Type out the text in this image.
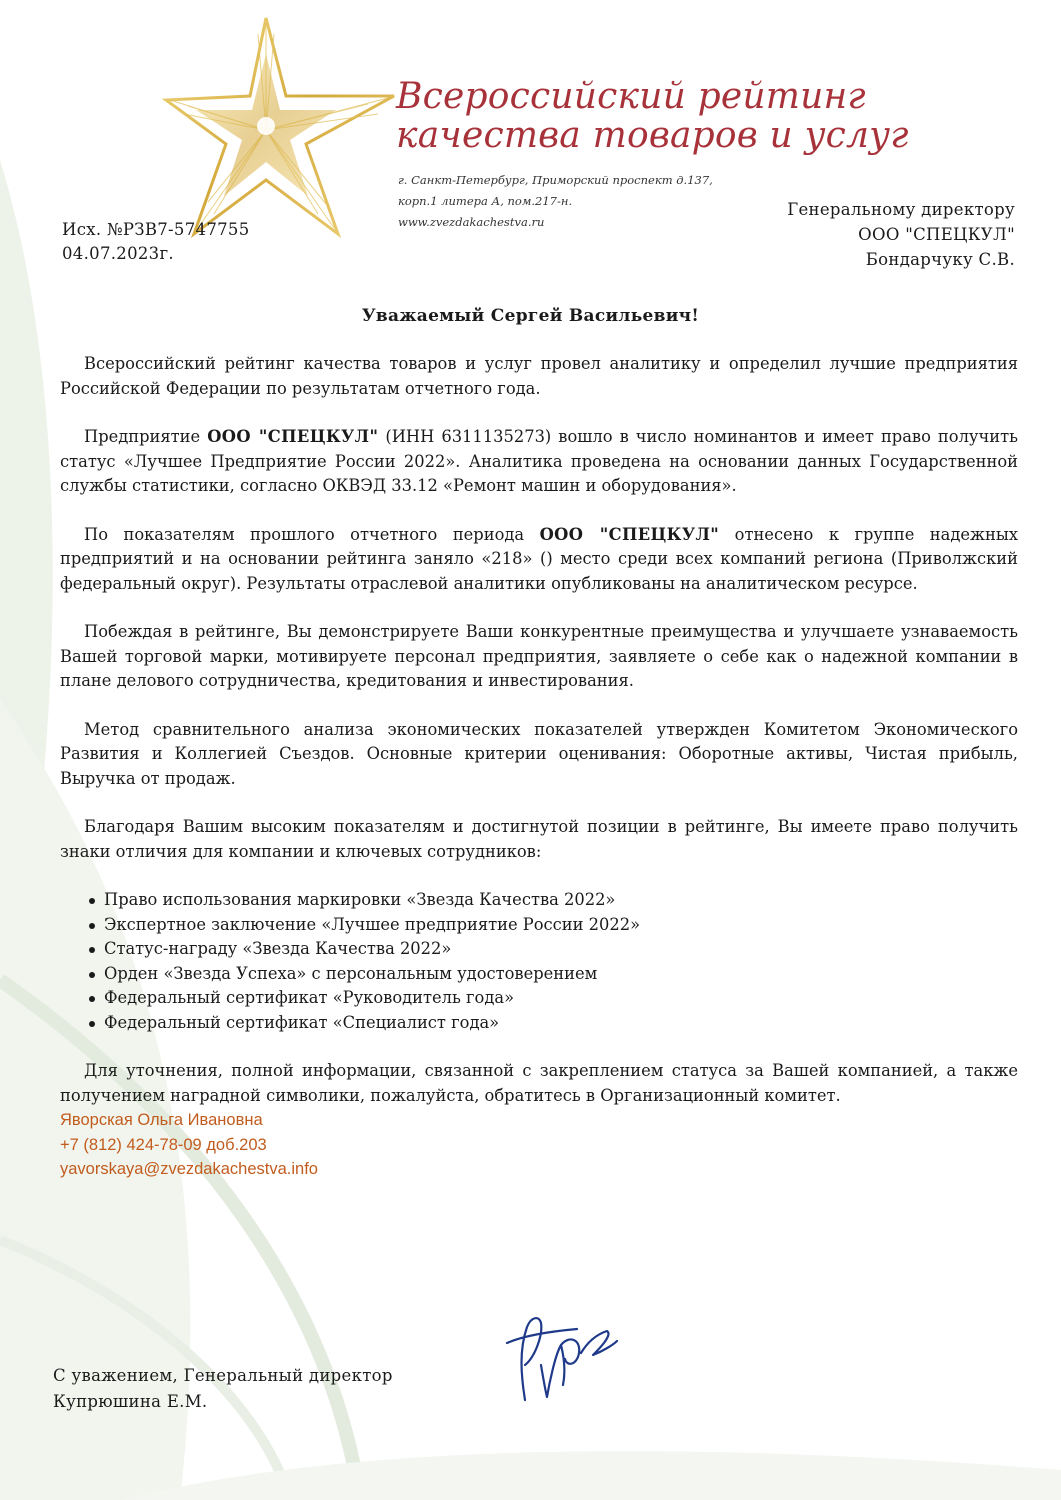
Всероссийский рейтинг
качества товаров и услуг
г. Санкт-Петербург, Приморский проспект д.137,
корп.1 литера А, пом.217-н.
www.zvezdakachestva.ru
Исх. №РЗВ7-5747755
04.07.2023г.
Генеральному директору
ООО "СПЕЦКУЛ"
Бондарчуку С.В.
Уважаемый Сергей Васильевич!

Всероссийский рейтинг качества товаров и услуг провел аналитику и определил лучшие предприятия Российской Федерации по результатам отчетного года.

Предприятие ООО "СПЕЦКУЛ" (ИНН 6311135273) вошло в число номинантов и имеет право получить статус «Лучшее Предприятие России 2022». Аналитика проведена на основании данных Государственной службы статистики, согласно ОКВЭД 33.12 «Ремонт машин и оборудования».

По показателям прошлого отчетного периода ООО "СПЕЦКУЛ" отнесено к группе надежных предприятий и на основании рейтинга заняло «218» () место среди всех компаний региона (Приволжский федеральный округ). Результаты отраслевой аналитики опубликованы на аналитическом ресурсе.

Побеждая в рейтинге, Вы демонстрируете Ваши конкурентные преимущества и улучшаете узнаваемость Вашей торговой марки, мотивируете персонал предприятия, заявляете о себе как о надежной компании в плане делового сотрудничества, кредитования и инвестирования.

Метод сравнительного анализа экономических показателей утвержден Комитетом Экономического Развития и Коллегией Съездов. Основные критерии оценивания: Оборотные активы, Чистая прибыль, Выручка от продаж.

Благодаря Вашим высоким показателям и достигнутой позиции в рейтинге, Вы имеете право получить знаки отличия для компании и ключевых сотрудников:

Право использования маркировки «Звезда Качества 2022»
Экспертное заключение «Лучшее предприятие России 2022»
Статус-награду «Звезда Качества 2022»
Орден «Звезда Успеха» с персональным удостоверением
Федеральный сертификат «Руководитель года»
Федеральный сертификат «Специалист года»

Для уточнения, полной информации, связанной с закреплением статуса за Вашей компанией, а также получением наградной символики, пожалуйста, обратитесь в Организационный комитет.

Яворская Ольга Ивановна
+7 (812) 424-78-09 доб.203
yavorskaya@zvezdakachestva.info
С уважением, Генеральный директор
Купрюшина Е.М.
